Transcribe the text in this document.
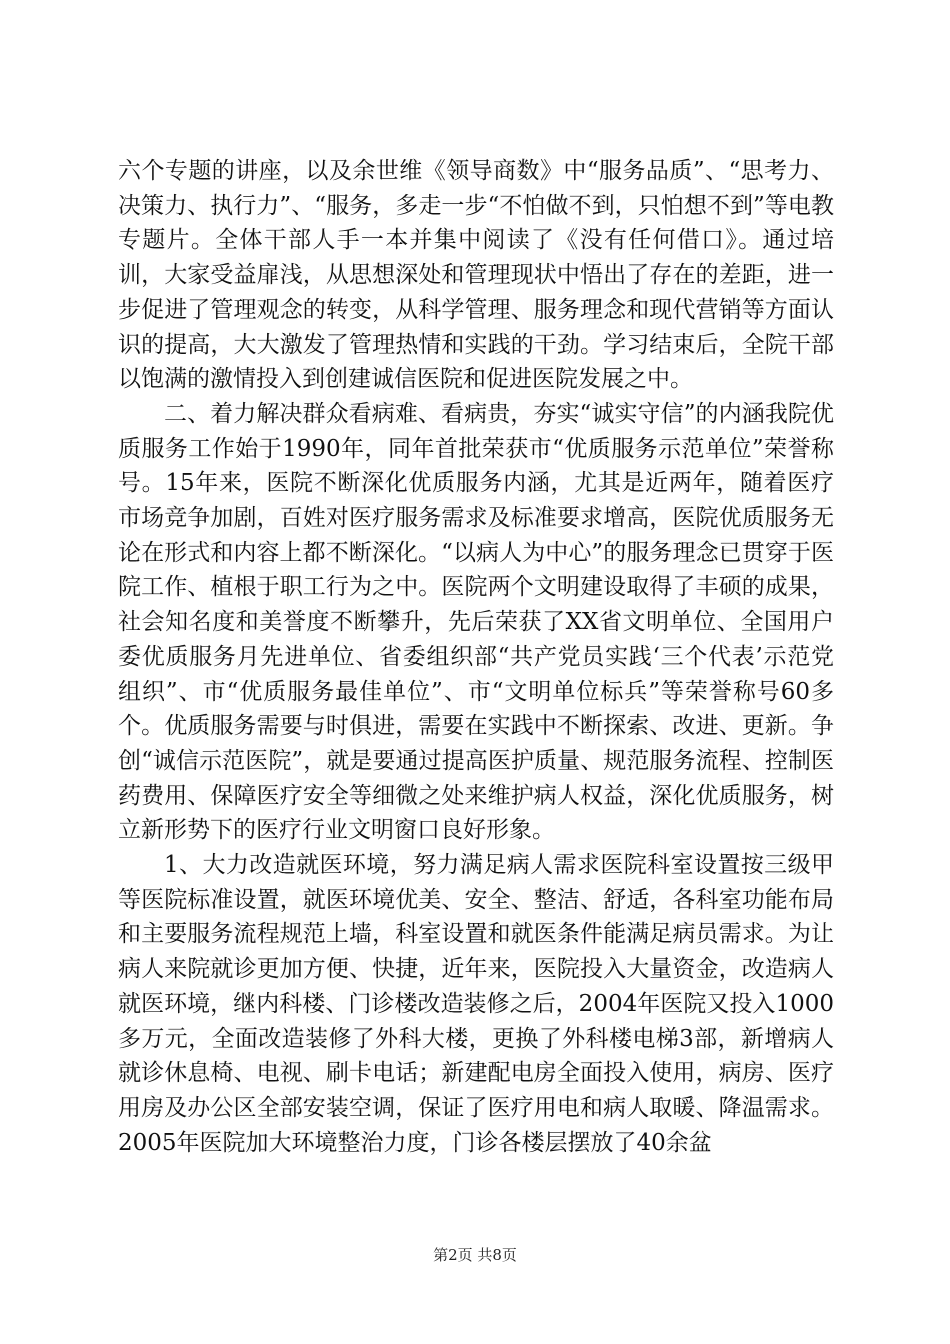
六个专题的讲座，以及余世维《领导商数》中“服务品质”、“思考力、决策力、执行力”、“服务，多走一步“不怕做不到，只怕想不到”等电教专题片。全体干部人手一本并集中阅读了《没有任何借口》。通过培训，大家受益扉浅，从思想深处和管理现状中悟出了存在的差距，进一步促进了管理观念的转变，从科学管理、服务理念和现代营销等方面认识的提高，大大激发了管理热情和实践的干劲。学习结束后，全院干部以饱满的激情投入到创建诚信医院和促进医院发展之中。

二、着力解决群众看病难、看病贵，夯实“诚实守信”的内涵我院优质服务工作始于1990年，同年首批荣获市“优质服务示范单位”荣誉称号。15年来，医院不断深化优质服务内涵，尤其是近两年，随着医疗市场竞争加剧，百姓对医疗服务需求及标准要求增高，医院优质服务无论在形式和内容上都不断深化。“以病人为中心”的服务理念已贯穿于医院工作、植根于职工行为之中。医院两个文明建设取得了丰硕的成果，社会知名度和美誉度不断攀升，先后荣获了XX省文明单位、全国用户委优质服务月先进单位、省委组织部“共产党员实践‘三个代表’示范党组织”、市“优质服务最佳单位”、市“文明单位标兵”等荣誉称号60多个。优质服务需要与时俱进，需要在实践中不断探索、改进、更新。争创“诚信示范医院”，就是要通过提高医护质量、规范服务流程、控制医药费用、保障医疗安全等细微之处来维护病人权益，深化优质服务，树立新形势下的医疗行业文明窗口良好形象。

1、大力改造就医环境，努力满足病人需求医院科室设置按三级甲等医院标准设置，就医环境优美、安全、整洁、舒适，各科室功能布局和主要服务流程规范上墙，科室设置和就医条件能满足病员需求。为让病人来院就诊更加方便、快捷，近年来，医院投入大量资金，改造病人就医环境，继内科楼、门诊楼改造装修之后，2004年医院又投入1000多万元，全面改造装修了外科大楼，更换了外科楼电梯3部，新增病人就诊休息椅、电视、刷卡电话；新建配电房全面投入使用，病房、医疗用房及办公区全部安装空调，保证了医疗用电和病人取暖、降温需求。2005年医院加大环境整治力度，门诊各楼层摆放了40余盆

第2页 共8页
